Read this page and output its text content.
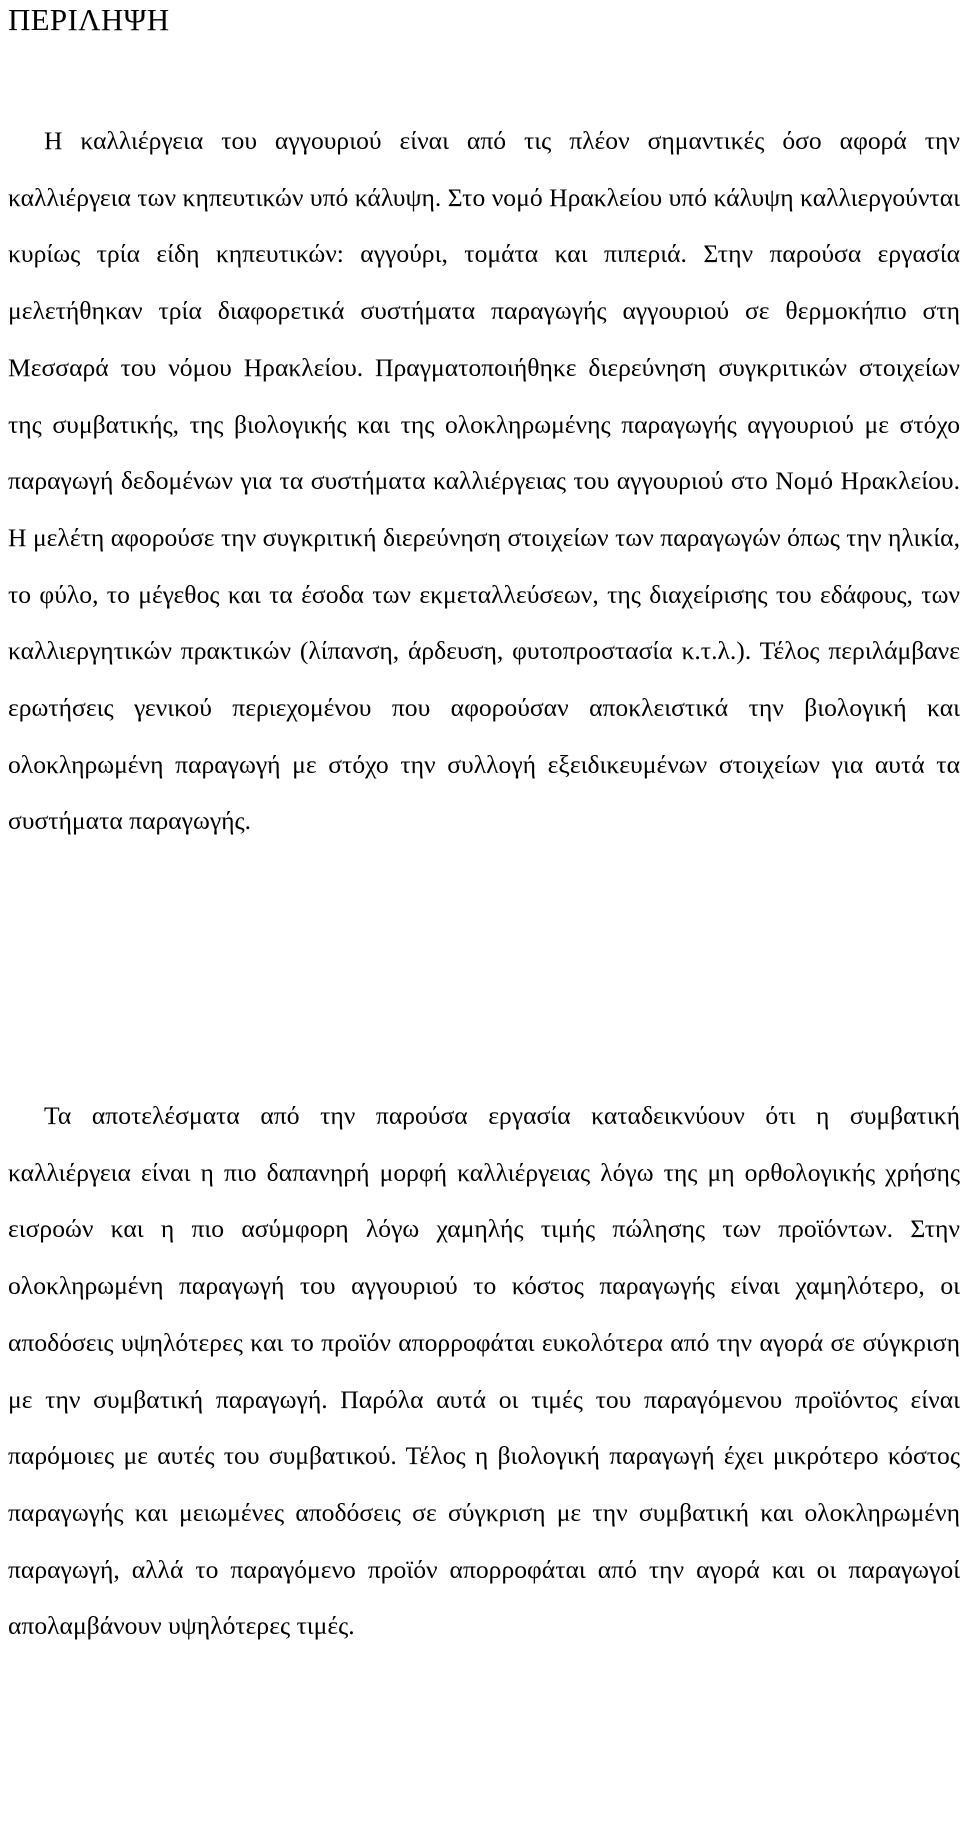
ΠΕΡΙΛΗΨΗ

Η καλλιέργεια του αγγουριού είναι από τις πλέον σημαντικές όσο αφορά την καλλιέργεια των κηπευτικών υπό κάλυψη. Στο νομό Ηρακλείου υπό κάλυψη καλλιεργούνται κυρίως τρία είδη κηπευτικών: αγγούρι, τομάτα και πιπεριά. Στην παρούσα εργασία μελετήθηκαν τρία διαφορετικά συστήματα παραγωγής αγγουριού σε θερμοκήπιο στη Μεσσαρά του νόμου Ηρακλείου. Πραγματοποιήθηκε διερεύνηση συγκριτικών στοιχείων της συμβατικής, της βιολογικής και της ολοκληρωμένης παραγωγής αγγουριού με στόχο παραγωγή δεδομένων για τα συστήματα καλλιέργειας του αγγουριού στο Νομό Ηρακλείου. Η μελέτη αφορούσε την συγκριτική διερεύνηση στοιχείων των παραγωγών όπως την ηλικία, το φύλο, το μέγεθος και τα έσοδα των εκμεταλλεύσεων, της διαχείρισης του εδάφους, των καλλιεργητικών πρακτικών (λίπανση, άρδευση, φυτοπροστασία κ.τ.λ.). Τέλος περιλάμβανε ερωτήσεις γενικού περιεχομένου που αφορούσαν αποκλειστικά την βιολογική και ολοκληρωμένη παραγωγή με στόχο την συλλογή εξειδικευμένων στοιχείων για αυτά τα συστήματα παραγωγής.

Τα αποτελέσματα από την παρούσα εργασία καταδεικνύουν ότι η συμβατική καλλιέργεια είναι η πιο δαπανηρή μορφή καλλιέργειας λόγω της μη ορθολογικής χρήσης εισροών και η πιο ασύμφορη λόγω χαμηλής τιμής πώλησης των προϊόντων. Στην ολοκληρωμένη παραγωγή του αγγουριού το κόστος παραγωγής είναι χαμηλότερο, οι αποδόσεις υψηλότερες και το προϊόν απορροφάται ευκολότερα από την αγορά σε σύγκριση με την συμβατική παραγωγή. Παρόλα αυτά οι τιμές του παραγόμενου προϊόντος είναι παρόμοιες με αυτές του συμβατικού. Τέλος η βιολογική παραγωγή έχει μικρότερο κόστος παραγωγής και μειωμένες αποδόσεις σε σύγκριση με την συμβατική και ολοκληρωμένη παραγωγή, αλλά το παραγόμενο προϊόν απορροφάται από την αγορά και οι παραγωγοί απολαμβάνουν υψηλότερες τιμές.
